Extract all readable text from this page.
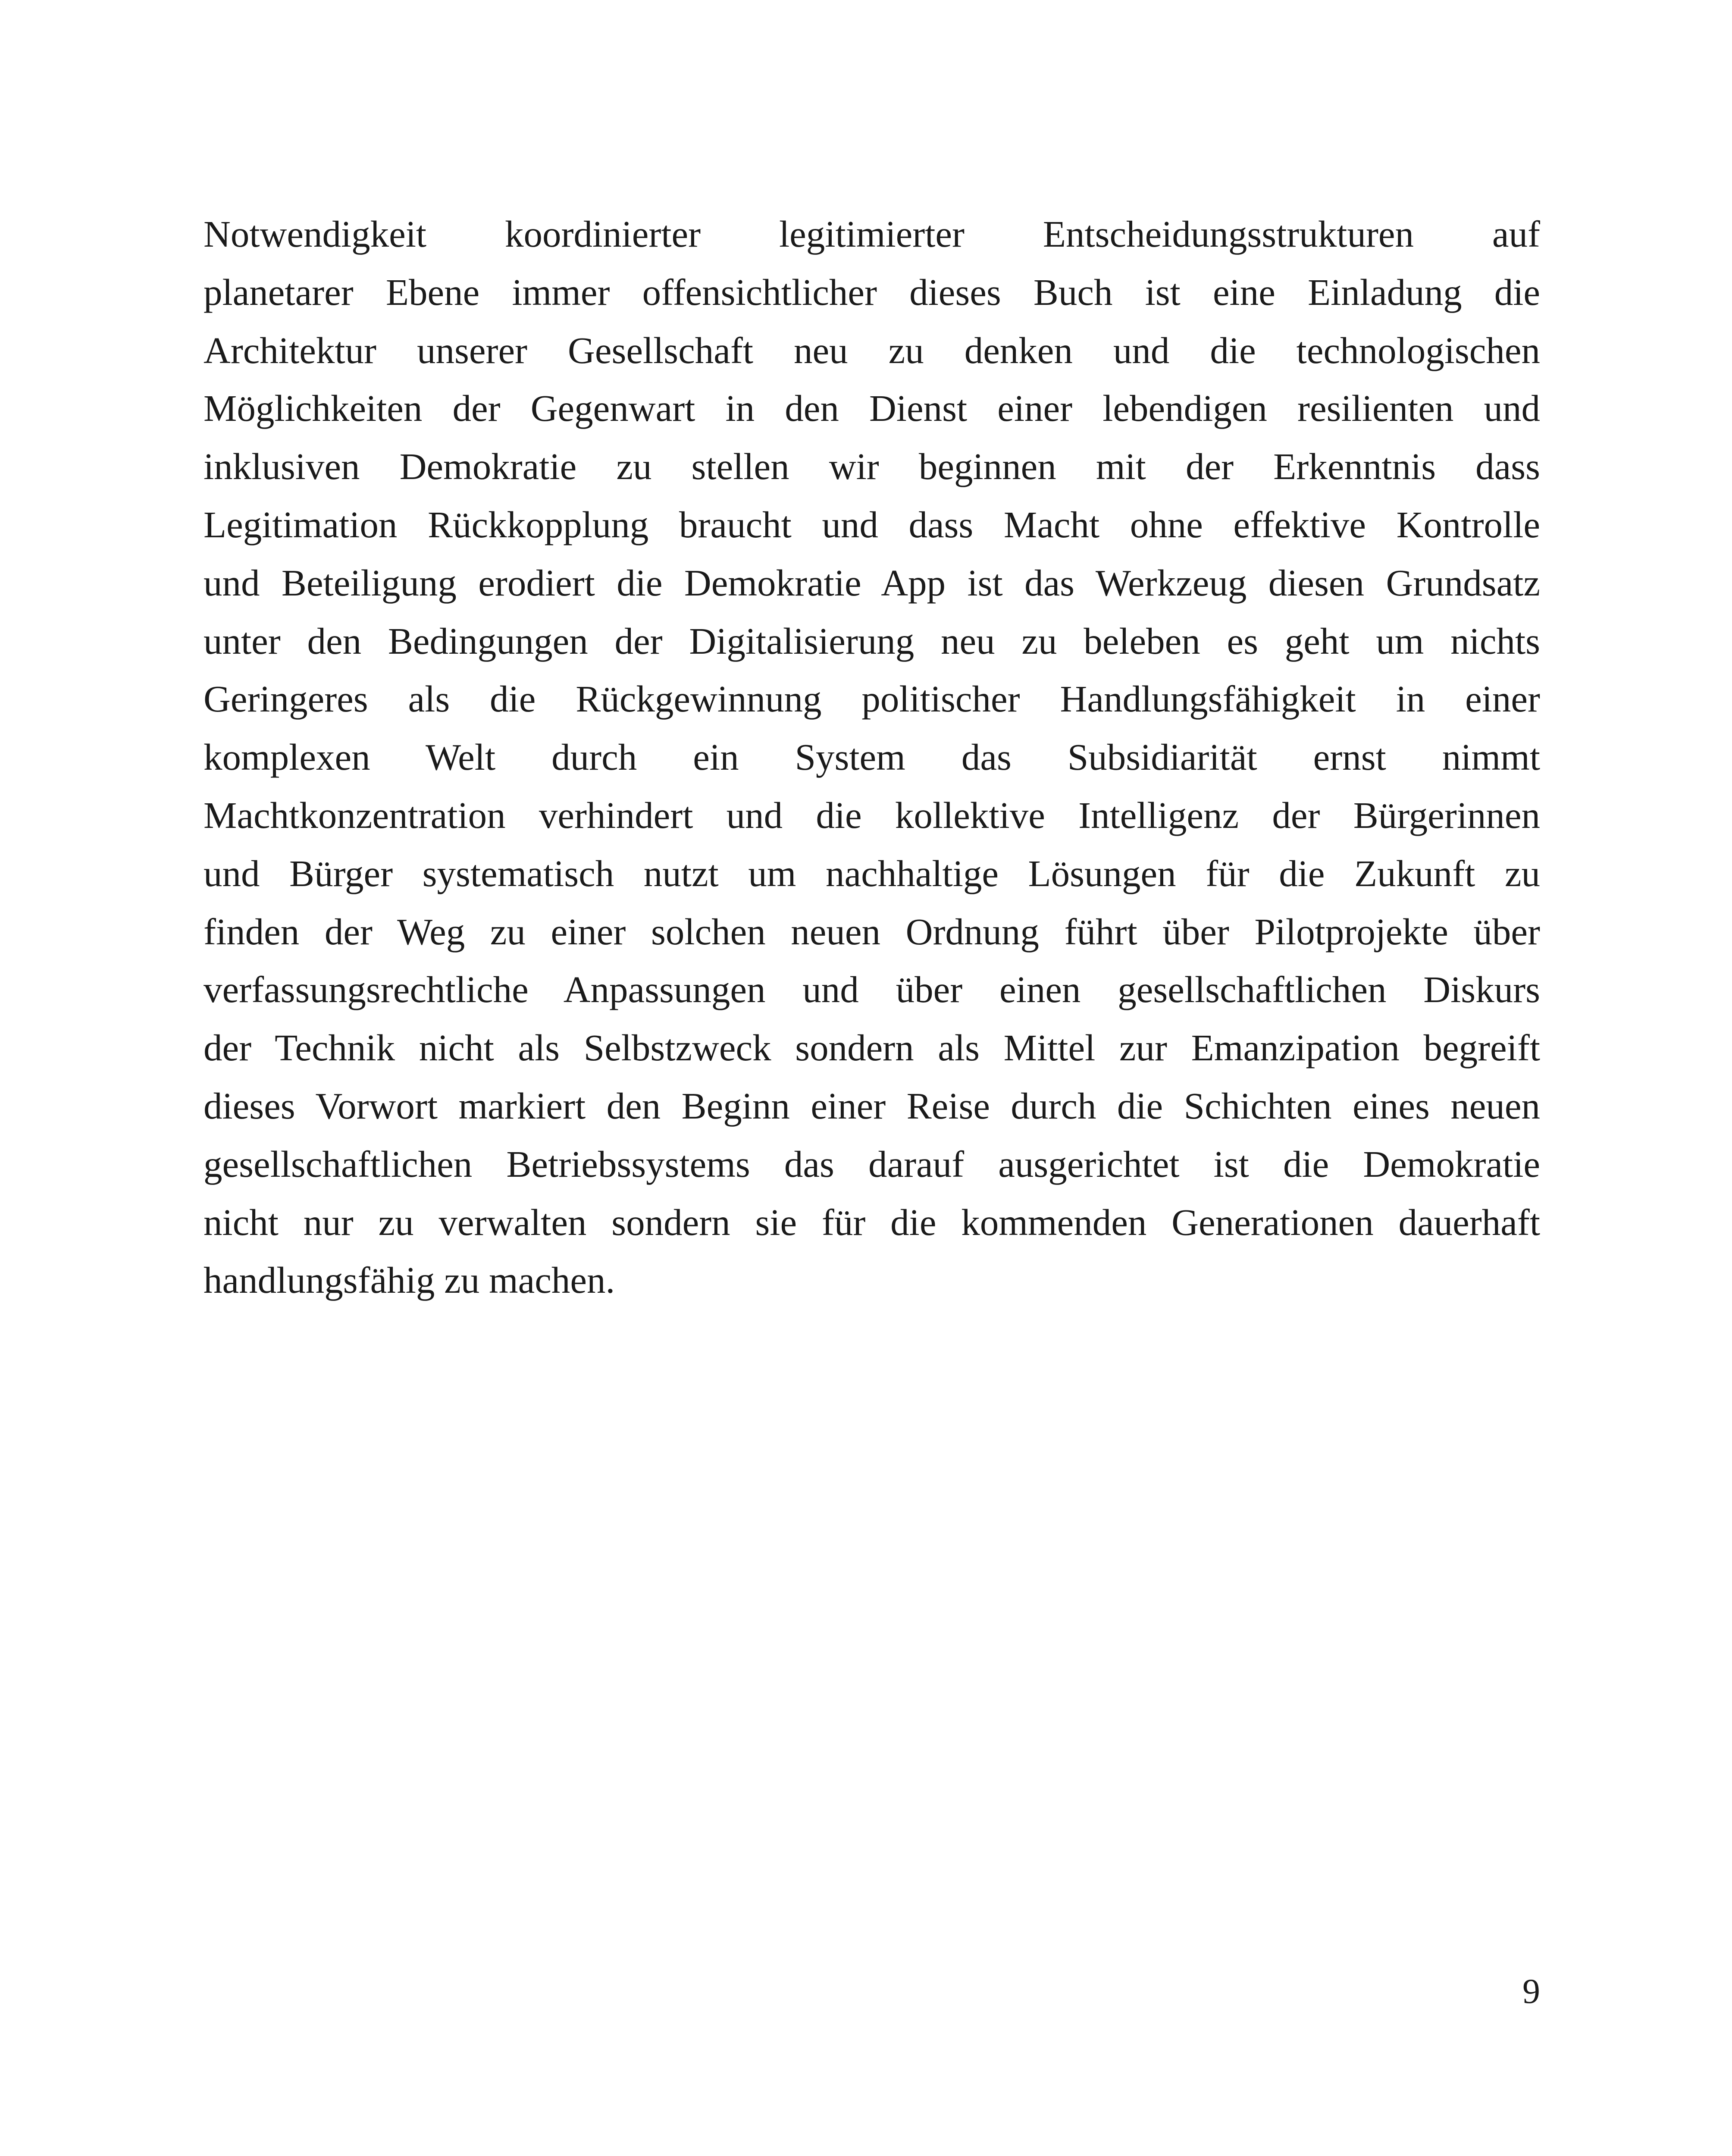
Notwendigkeit koordinierter legitimierter Entscheidungsstrukturen auf
planetarer Ebene immer offensichtlicher dieses Buch ist eine Einladung die
Architektur unserer Gesellschaft neu zu denken und die technologischen
Möglichkeiten der Gegenwart in den Dienst einer lebendigen resilienten und
inklusiven Demokratie zu stellen wir beginnen mit der Erkenntnis dass
Legitimation Rückkopplung braucht und dass Macht ohne effektive Kontrolle
und Beteiligung erodiert die Demokratie App ist das Werkzeug diesen Grundsatz
unter den Bedingungen der Digitalisierung neu zu beleben es geht um nichts
Geringeres als die Rückgewinnung politischer Handlungsfähigkeit in einer
komplexen Welt durch ein System das Subsidiarität ernst nimmt
Machtkonzentration verhindert und die kollektive Intelligenz der Bürgerinnen
und Bürger systematisch nutzt um nachhaltige Lösungen für die Zukunft zu
finden der Weg zu einer solchen neuen Ordnung führt über Pilotprojekte über
verfassungsrechtliche Anpassungen und über einen gesellschaftlichen Diskurs
der Technik nicht als Selbstzweck sondern als Mittel zur Emanzipation begreift
dieses Vorwort markiert den Beginn einer Reise durch die Schichten eines neuen
gesellschaftlichen Betriebssystems das darauf ausgerichtet ist die Demokratie
nicht nur zu verwalten sondern sie für die kommenden Generationen dauerhaft
handlungsfähig zu machen.

9
